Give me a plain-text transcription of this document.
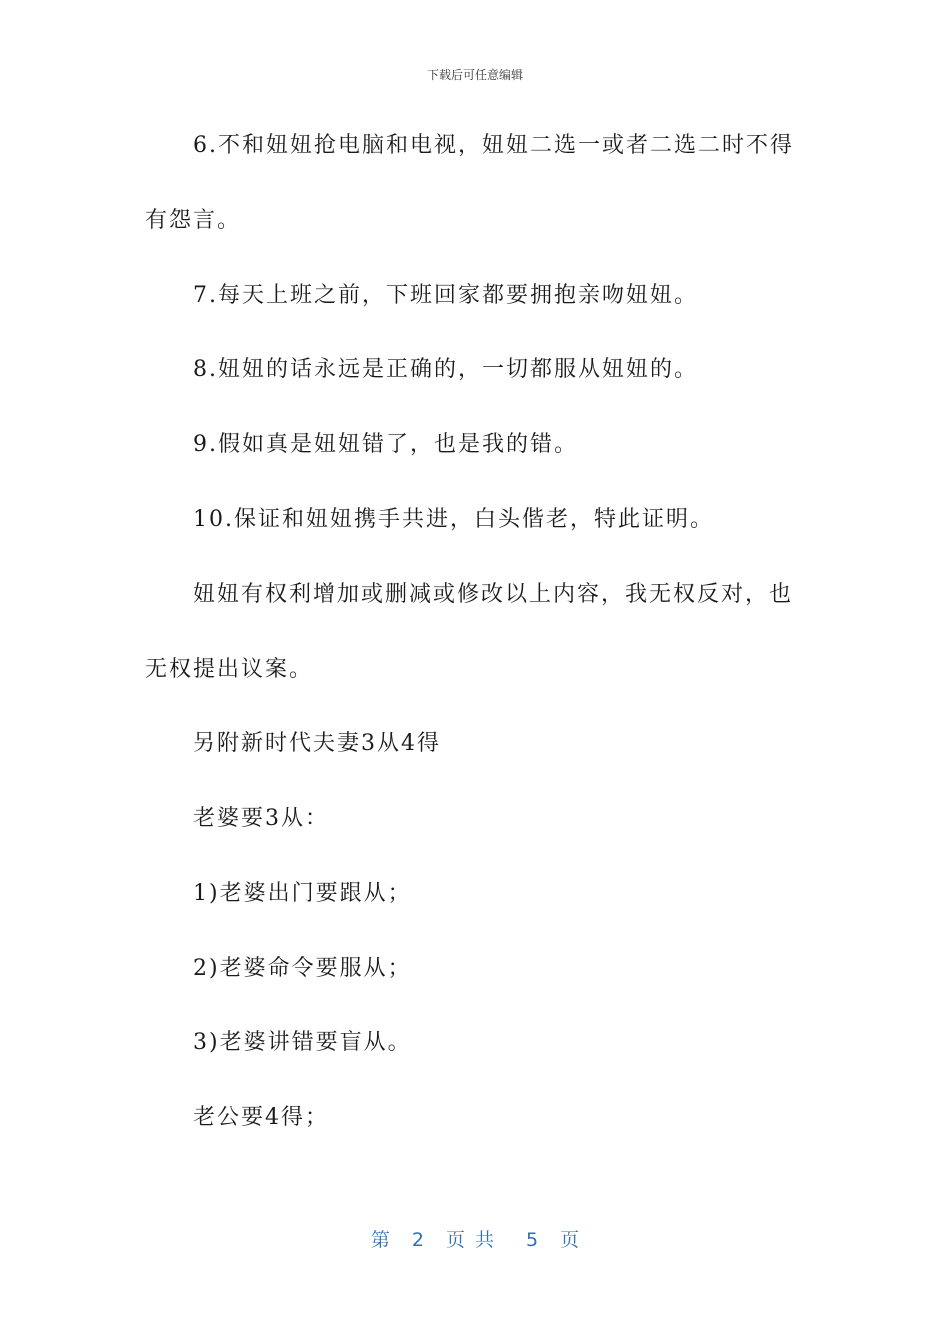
下载后可任意编辑
6.不和妞妞抢电脑和电视，妞妞二选一或者二选二时不得
有怨言。
7.每天上班之前，下班回家都要拥抱亲吻妞妞。
8.妞妞的话永远是正确的，一切都服从妞妞的。
9.假如真是妞妞错了，也是我的错。
10.保证和妞妞携手共进，白头偕老，特此证明。
妞妞有权利增加或删减或修改以上内容，我无权反对，也
无权提出议案。
另附新时代夫妻3从4得
老婆要3从：
1)老婆出门要跟从；
2)老婆命令要服从；
3)老婆讲错要盲从。
老公要4得；
第 2 页共 5 页
